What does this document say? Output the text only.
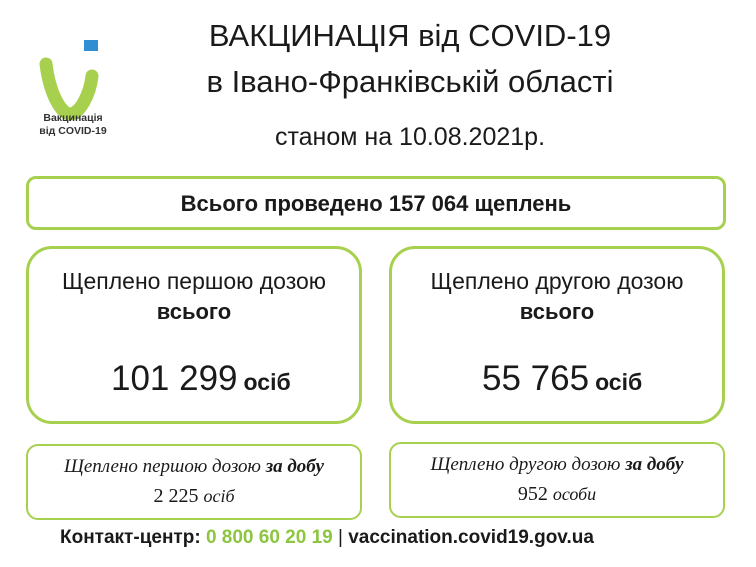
Вакцинація
від COVID-19
ВАКЦИНАЦІЯ від COVID-19
в Івано-Франківській області
станом на 10.08.2021р.
Всього проведено 157 064 щеплень
Щеплено першою дозою
всього
101 299 осіб
Щеплено другою дозою
всього
55 765 осіб
Щеплено першою дозою за добу
2 225 осіб
Щеплено другою дозою за добу
952 особи
Контакт-центр: 0 800 60 20 19 | vaccination.covid19.gov.ua
